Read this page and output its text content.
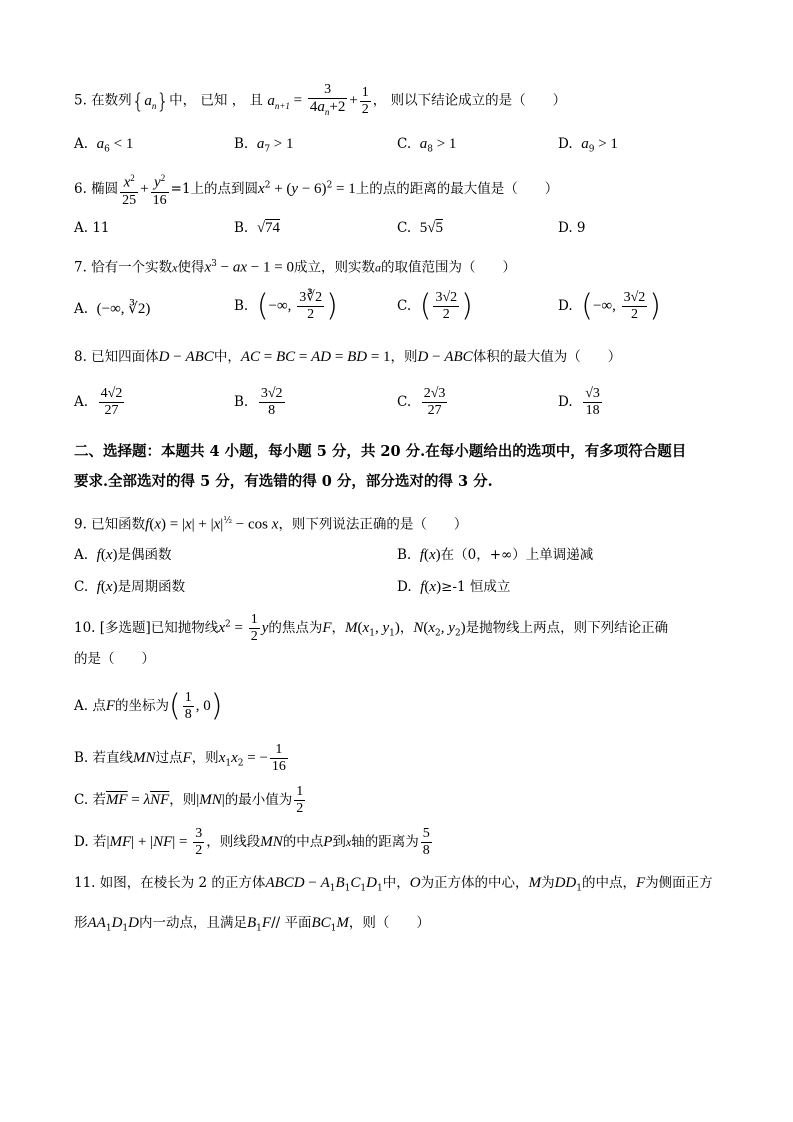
5. 在数列$\{a_n\}$中， 已知 ， 且 $a_{n+1} = \frac{3}{4a_n+2} + \frac{1}{2}$ ， 则以下结论成立的是（　　）
A. $a_6 < 1$	B. $a_7 > 1$	C. $a_8 > 1$	D. $a_9 > 1$
6. 椭圆 $\frac{x^2}{25} + \frac{y^2}{16} =1$上的点到圆$x^2 + (y - 6)^2 = 1$上的点的距离的最大值是（　　）
A. 11	B. √74	C. 5√5	D. 9
7. 恰有一个实数x使得$x^3$ − ax − 1 = 0成立，则实数a的取值范围为（　　）
A. (−∞, ∛2)	B. (−∞, $\frac{3∛2}{2}$ )	C. ( $\frac{3√2}{2}$ )	D. (−∞, $\frac{3√2}{2}$ )
8. 已知四面体D − ABC中，AC = BC = AD = BD = 1，则D − ABC体积的最大值为（　　）
A. $\frac{4√2}{27}$	B. $\frac{3√2}{8}$	C. $\frac{2√3}{27}$	D. $\frac{√3}{18}$
二、选择题：本题共 4 小题，每小题 5 分，共 20 分.在每小题给出的选项中，有多项符合题目
要求.全部选对的得 5 分，有选错的得 0 分，部分选对的得 3 分.
9. 已知函数$f(x) = |x| + |x|^{\frac{1}{2}} - \cos x$，则下列说法正确的是（　　）
A. f(x)是偶函数	B. f(x)在（0，+∞）上单调递减
C. f(x)是周期函数	D. f(x)≥-1 恒成立
10. [多选题]已知抛物线$x^2 = \frac{1}{2}$ y的焦点为F，$M(x_1$, $y_1$)，$N(x_2$, $y_2$)是抛物线上两点，则下列结论正确
的是（　　）
A. 点F的坐标为( $\frac{1}{8}$ , 0)
B. 若直线MN过点F，则$x_1x_2$ = − $\frac{1}{16}$
C. 若$\overline{MF} = \lambda\overline{NF}$，则|MN|的最小值为 $\frac{1}{2}$
D. 若$|MF| + |NF| = \frac{3}{2}$ ，则线段MN的中点P到x轴的距离为 $\frac{5}{8}$
11. 如图，在棱长为 2 的正方体ABCD − $A_1B_1C_1D_1$中，O为正方体的中心，M为$DD_1$的中点，F为侧面正方
形$AA_1D_1D$内一动点，且满足$B_1F//$ 平面$BC_1M$，则（　　）
